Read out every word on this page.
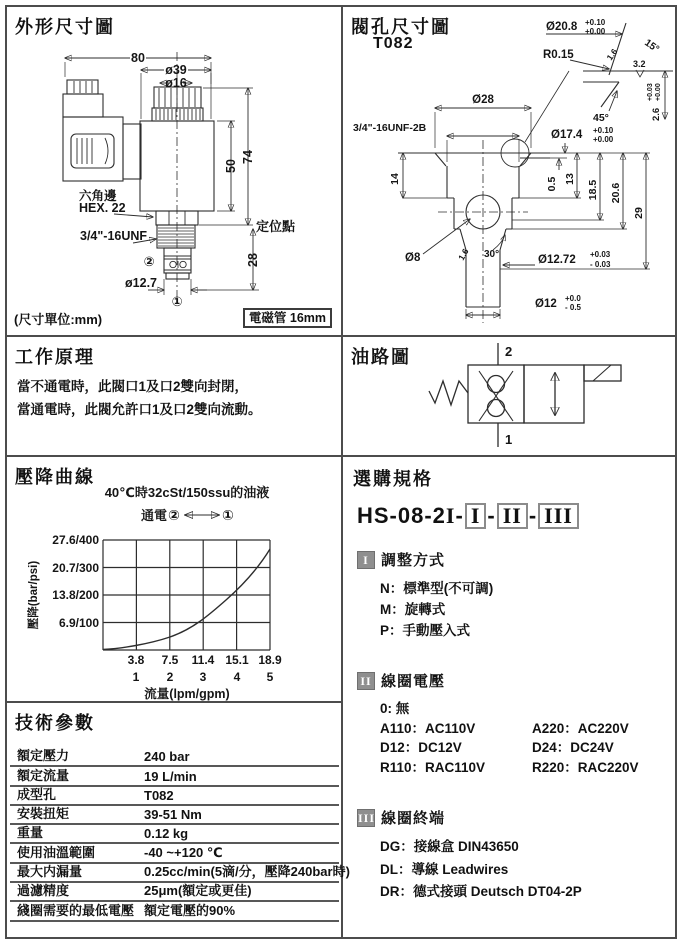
外形尺寸圖
80
ø39
ø16
50
74
六角邊
HEX. 22
3/4"-16UNF
定位點
28
②
ø12.7
①
(尺寸單位:mm)	電磁管 16mm
閥孔尺寸圖
T082
Ø20.8 +0.10
+0.00
R0.15	15°
1.6
3.2
45°	2.6
+0.03 +0.00
Ø17.4 +0.10
+0.00
Ø28
3/4"-16UNF-2B
14	0.5 13
18.5 20.6
29
Ø8	1.6 30°	Ø12.72 +0.03
- 0.03
Ø12 +0.0
- 0.5
工作原理
當不通電時，此閥口1及口2雙向封閉，
當通電時，此閥允許口1及口2雙向流動。
油路圖	2
1
壓降曲線
40℃時32cSt/150ssu的油液
通電 ②	①
27.6/400
20.7/300
13.8/200
6.9/100
壓降(bar/psi)
3.8 7.5 11.4 15.1 18.9
1 2 3 4 5
流量(lpm/gpm)
選購規格
HS-08-2I- I - II - III
I 調整方式
N：標準型(不可調)
M：旋轉式
P：手動壓入式
II 線圈電壓
0: 無
A110：AC110V	A220：AC220V
D12：DC12V	D24：DC24V
R110：RAC110V	R220：RAC220V
III 線圈終端
DG：接線盒 DIN43650
DL：導線 Leadwires
DR：德式接頭 Deutsch DT04-2P
技術參數
額定壓力	240 bar
額定流量	19 L/min
成型孔	T082
安裝扭矩	39-51 Nm
重量	0.12 kg
使用油溫範圍	-40 ~+120 ℃
最大内漏量	0.25cc/min(5滴/分，壓降240bar時)
過濾精度	25μm(額定或更佳)
綫圈需要的最低電壓 額定電壓的90%
